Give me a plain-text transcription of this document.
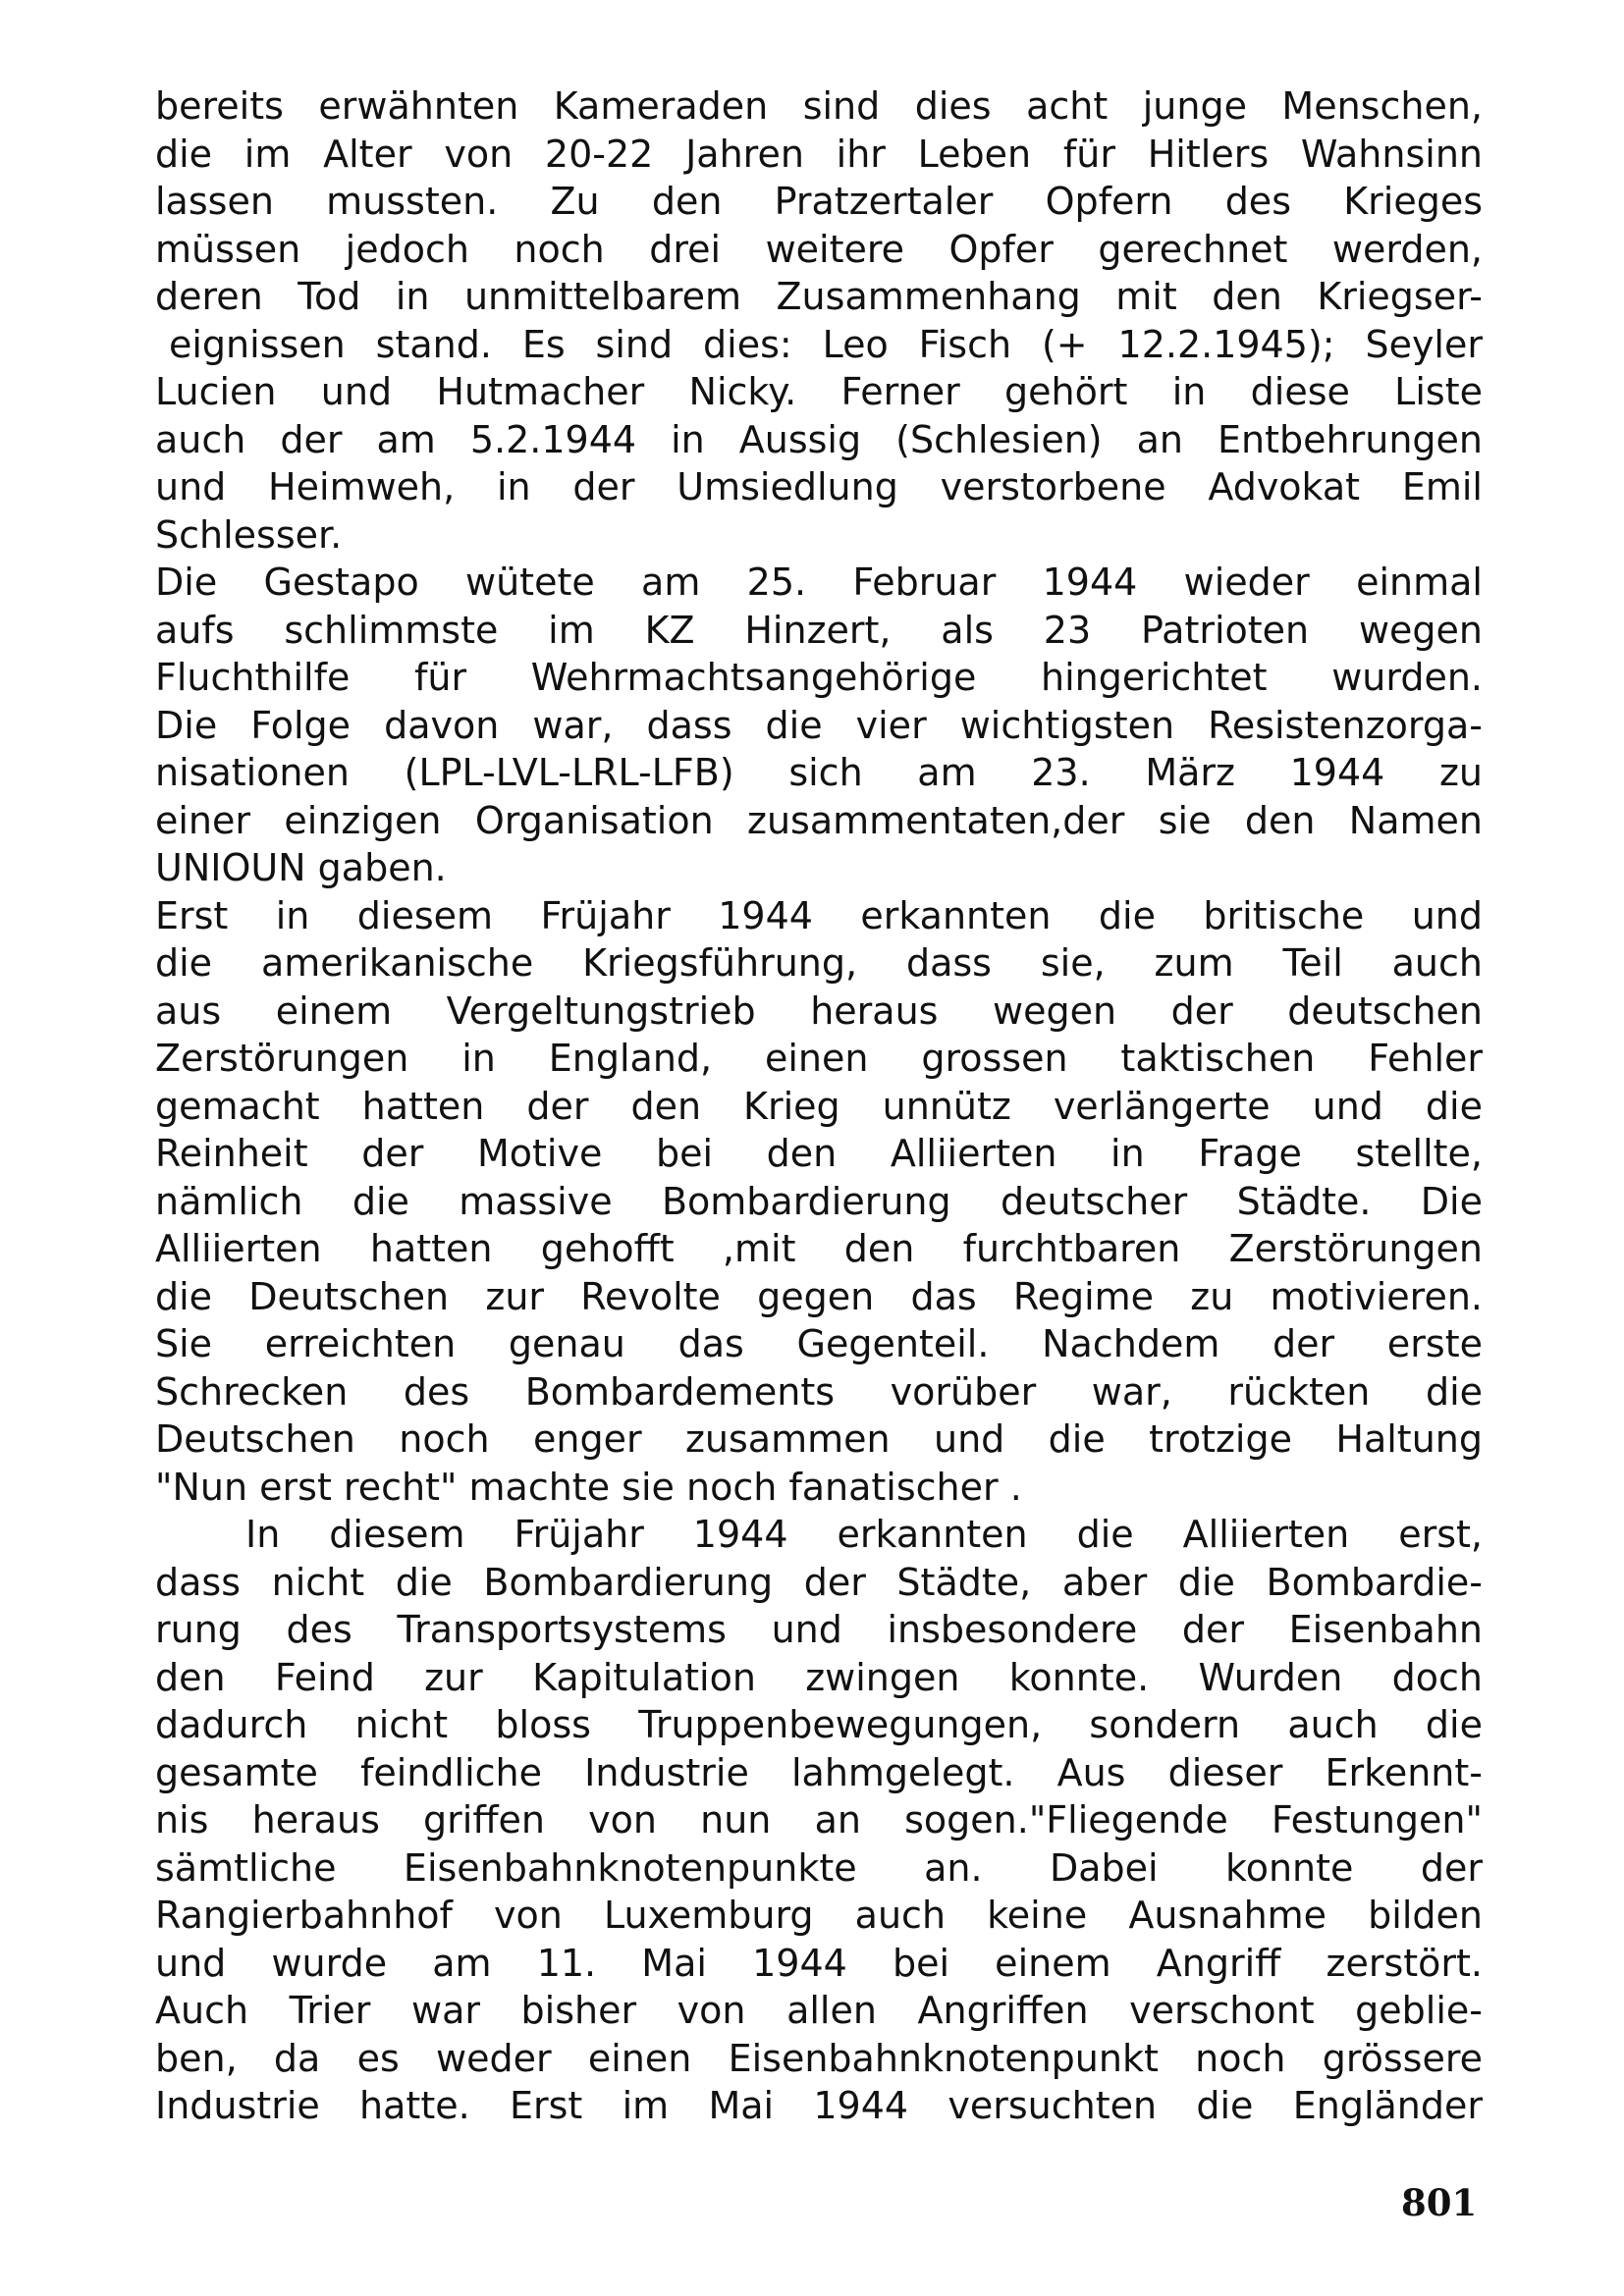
bereits erwähnten Kameraden sind dies acht junge Menschen,
die im Alter von 20-22 Jahren ihr Leben für Hitlers Wahnsinn
lassen mussten. Zu den Pratzertaler Opfern des Krieges
müssen jedoch noch drei weitere Opfer gerechnet werden,
deren Tod in unmittelbarem Zusammenhang mit den Kriegser-
eignissen stand. Es sind dies: Leo Fisch (+ 12.2.1945); Seyler
Lucien und Hutmacher Nicky. Ferner gehört in diese Liste
auch der am 5.2.1944 in Aussig (Schlesien) an Entbehrungen
und Heimweh, in der Umsiedlung verstorbene Advokat Emil
Schlesser.
Die Gestapo wütete am 25. Februar 1944 wieder einmal
aufs schlimmste im KZ Hinzert, als 23 Patrioten wegen
Fluchthilfe für Wehrmachtsangehörige hingerichtet wurden.
Die Folge davon war, dass die vier wichtigsten Resistenzorga-
nisationen (LPL-LVL-LRL-LFB) sich am 23. März 1944 zu
einer einzigen Organisation zusammentaten,der sie den Namen
UNIOUN gaben.
Erst in diesem Früjahr 1944 erkannten die britische und
die amerikanische Kriegsführung, dass sie, zum Teil auch
aus einem Vergeltungstrieb heraus wegen der deutschen
Zerstörungen in England, einen grossen taktischen Fehler
gemacht hatten der den Krieg unnütz verlängerte und die
Reinheit der Motive bei den Alliierten in Frage stellte,
nämlich die massive Bombardierung deutscher Städte. Die
Alliierten hatten gehofft ,mit den furchtbaren Zerstörungen
die Deutschen zur Revolte gegen das Regime zu motivieren.
Sie erreichten genau das Gegenteil. Nachdem der erste
Schrecken des Bombardements vorüber war, rückten die
Deutschen noch enger zusammen und die trotzige Haltung
"Nun erst recht" machte sie noch fanatischer .
In diesem Früjahr 1944 erkannten die Alliierten erst,
dass nicht die Bombardierung der Städte, aber die Bombardie-
rung des Transportsystems und insbesondere der Eisenbahn
den Feind zur Kapitulation zwingen konnte. Wurden doch
dadurch nicht bloss Truppenbewegungen, sondern auch die
gesamte feindliche Industrie lahmgelegt. Aus dieser Erkennt-
nis heraus griffen von nun an sogen."Fliegende Festungen"
sämtliche Eisenbahnknotenpunkte an. Dabei konnte der
Rangierbahnhof von Luxemburg auch keine Ausnahme bilden
und wurde am 11. Mai 1944 bei einem Angriff zerstört.
Auch Trier war bisher von allen Angriffen verschont geblie-
ben, da es weder einen Eisenbahnknotenpunkt noch grössere
Industrie hatte. Erst im Mai 1944 versuchten die Engländer
801
